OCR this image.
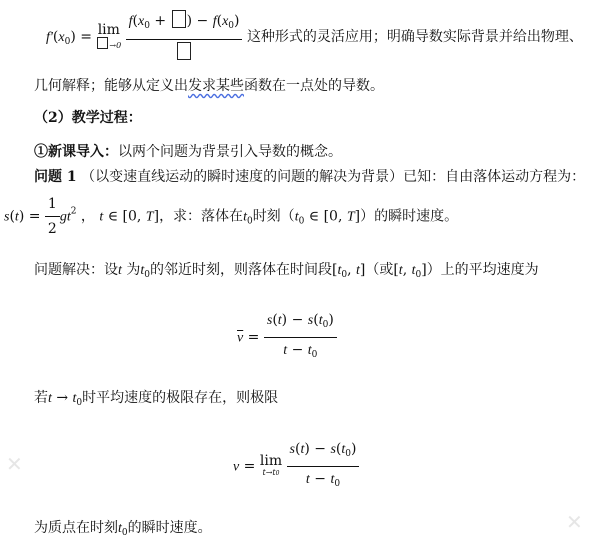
✕
✕
$f'(x_0) = \lim$
→0

$f(x_0$ + ) − $f(x_0)$
这种形式的灵活应用；明确导数实际背景并给出物理、
几何解释；能够从定义出发求某些函数在一点处的导数。
（2）教学过程：
①新课导入：以两个问题为背景引入导数的概念。
问题 1 （以变速直线运动的瞬时速度的问题的解决为背景）已知：自由落体运动方程为：
$s(t) = \frac{1}{2} gt^2$ ， t ∈ [0, T]，求：落体在$t_0$时刻（$t_0$ ∈ [0, T]）的瞬时速度。
问题解决：设t 为$t_0$的邻近时刻，则落体在时间段[$t_0$, t]（或[t, $t_0$]）上的平均速度为
$\overline{v} = \frac{s(t) - s(t_0)}{t - t_0}$
若$t \to t_0$时平均速度的极限存在，则极限
v = lim
t→t0
$\frac{s(t) - s(t_0)}{t - t_0}$
为质点在时刻$t_0$的瞬时速度。
